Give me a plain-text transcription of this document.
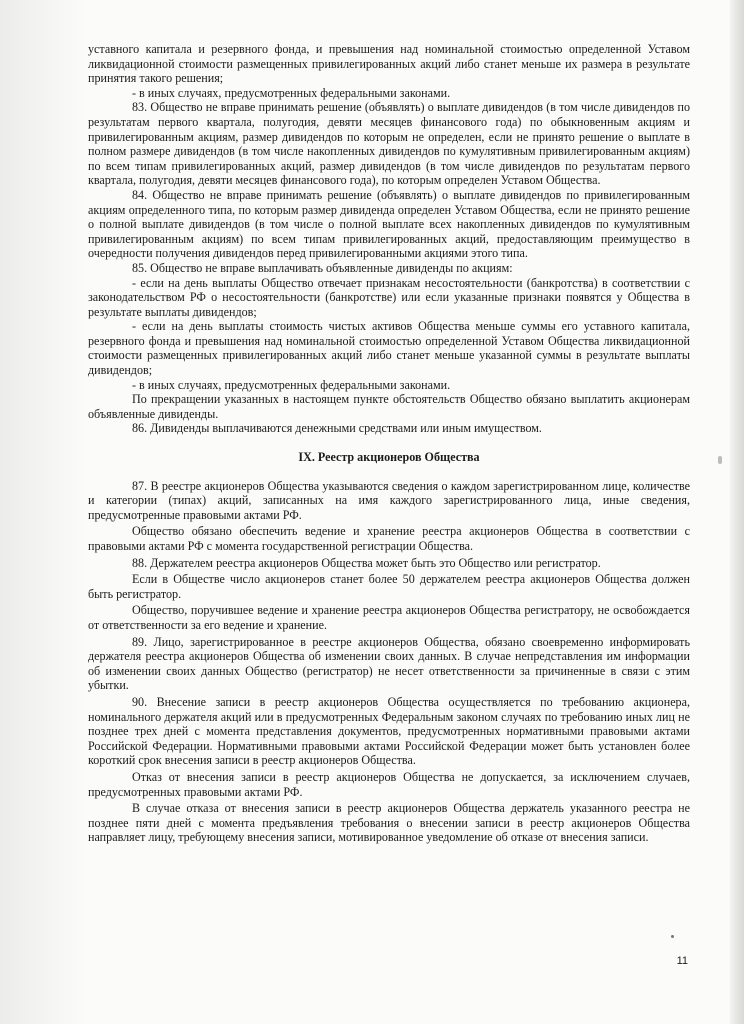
уставного капитала и резервного фонда, и превышения над номинальной стоимостью определенной Уставом ликвидационной стоимости размещенных привилегированных акций либо станет меньше их размера в результате принятия такого решения;

- в иных случаях, предусмотренных федеральными законами.

83. Общество не вправе принимать решение (объявлять) о выплате дивидендов (в том числе дивидендов по результатам первого квартала, полугодия, девяти месяцев финансового года) по обыкновенным акциям и привилегированным акциям, размер дивидендов по которым не определен, если не принято решение о выплате в полном размере дивидендов (в том числе накопленных дивидендов по кумулятивным привилегированным акциям) по всем типам привилегированных акций, размер дивидендов (в том числе дивидендов по результатам первого квартала, полугодия, девяти месяцев финансового года), по которым определен Уставом Общества.

84. Общество не вправе принимать решение (объявлять) о выплате дивидендов по привилегированным акциям определенного типа, по которым размер дивиденда определен Уставом Общества, если не принято решение о полной выплате дивидендов (в том числе о полной выплате всех накопленных дивидендов по кумулятивным привилегированным акциям) по всем типам привилегированных акций, предоставляющим преимущество в очередности получения дивидендов перед привилегированными акциями этого типа.

85. Общество не вправе выплачивать объявленные дивиденды по акциям:

- если на день выплаты Общество отвечает признакам несостоятельности (банкротства) в соответствии с законодательством РФ о несостоятельности (банкротстве) или если указанные признаки появятся у Общества в результате выплаты дивидендов;

- если на день выплаты стоимость чистых активов Общества меньше суммы его уставного капитала, резервного фонда и превышения над номинальной стоимостью определенной Уставом Общества ликвидационной стоимости размещенных привилегированных акций либо станет меньше указанной суммы в результате выплаты дивидендов;

- в иных случаях, предусмотренных федеральными законами.

По прекращении указанных в настоящем пункте обстоятельств Общество обязано выплатить акционерам объявленные дивиденды.

86. Дивиденды выплачиваются денежными средствами или иным имуществом.

IX. Реестр акционеров Общества

87. В реестре акционеров Общества указываются сведения о каждом зарегистрированном лице, количестве и категории (типах) акций, записанных на имя каждого зарегистрированного лица, иные сведения, предусмотренные правовыми актами РФ.

Общество обязано обеспечить ведение и хранение реестра акционеров Общества в соответствии с правовыми актами РФ с момента государственной регистрации Общества.

88. Держателем реестра акционеров Общества может быть это Общество или регистратор.

Если в Обществе число акционеров станет более 50 держателем реестра акционеров Общества должен быть регистратор.

Общество, поручившее ведение и хранение реестра акционеров Общества регистратору, не освобождается от ответственности за его ведение и хранение.

89. Лицо, зарегистрированное в реестре акционеров Общества, обязано своевременно информировать держателя реестра акционеров Общества об изменении своих данных. В случае непредставления им информации об изменении своих данных Общество (регистратор) не несет ответственности за причиненные в связи с этим убытки.

90. Внесение записи в реестр акционеров Общества осуществляется по требованию акционера, номинального держателя акций или в предусмотренных Федеральным законом случаях по требованию иных лиц не позднее трех дней с момента представления документов, предусмотренных нормативными правовыми актами Российской Федерации. Нормативными правовыми актами Российской Федерации может быть установлен более короткий срок внесения записи в реестр акционеров Общества.

Отказ от внесения записи в реестр акционеров Общества не допускается, за исключением случаев, предусмотренных правовыми актами РФ.

В случае отказа от внесения записи в реестр акционеров Общества держатель указанного реестра не позднее пяти дней с момента предъявления требования о внесении записи в реестр акционеров Общества направляет лицу, требующему внесения записи, мотивированное уведомление об отказе от внесения записи.

11
